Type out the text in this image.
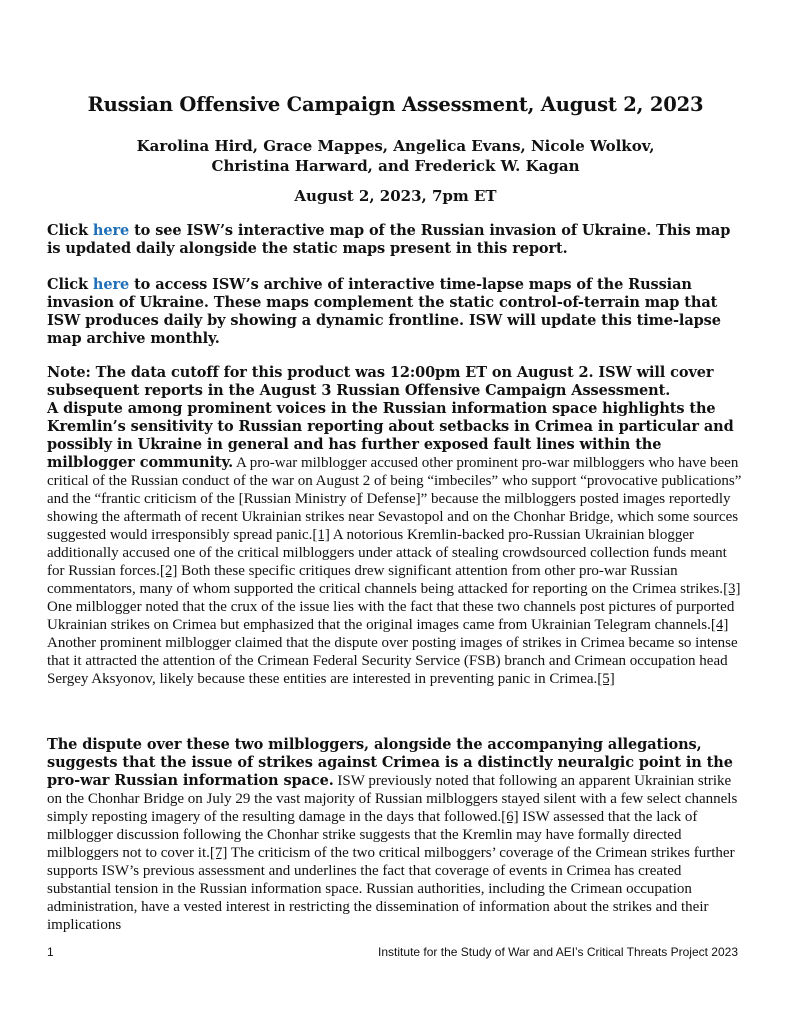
Russian Offensive Campaign Assessment, August 2, 2023
Karolina Hird, Grace Mappes, Angelica Evans, Nicole Wolkov,
Christina Harward, and Frederick W. Kagan
August 2, 2023, 7pm ET
Click here to see ISW’s interactive map of the Russian invasion of Ukraine. This map is updated daily alongside the static maps present in this report.
Click here to access ISW’s archive of interactive time-lapse maps of the Russian invasion of Ukraine. These maps complement the static control-of-terrain map that ISW produces daily by showing a dynamic frontline. ISW will update this time-lapse map archive monthly.
Note: The data cutoff for this product was 12:00pm ET on August 2. ISW will cover subsequent reports in the August 3 Russian Offensive Campaign Assessment.
A dispute among prominent voices in the Russian information space highlights the Kremlin’s sensitivity to Russian reporting about setbacks in Crimea in particular and possibly in Ukraine in general and has further exposed fault lines within the milblogger community. A pro-war milblogger accused other prominent pro-war milbloggers who have been critical of the Russian conduct of the war on August 2 of being “imbeciles” who support “provocative publications” and the “frantic criticism of the [Russian Ministry of Defense]” because the milbloggers posted images reportedly showing the aftermath of recent Ukrainian strikes near Sevastopol and on the Chonhar Bridge, which some sources suggested would irresponsibly spread panic.[1] A notorious Kremlin-backed pro-Russian Ukrainian blogger additionally accused one of the critical milbloggers under attack of stealing crowdsourced collection funds meant for Russian forces.[2] Both these specific critiques drew significant attention from other pro-war Russian commentators, many of whom supported the critical channels being attacked for reporting on the Crimea strikes.[3] One milblogger noted that the crux of the issue lies with the fact that these two channels post pictures of purported Ukrainian strikes on Crimea but emphasized that the original images came from Ukrainian Telegram channels.[4] Another prominent milblogger claimed that the dispute over posting images of strikes in Crimea became so intense that it attracted the attention of the Crimean Federal Security Service (FSB) branch and Crimean occupation head Sergey Aksyonov, likely because these entities are interested in preventing panic in Crimea.[5]
The dispute over these two milbloggers, alongside the accompanying allegations, suggests that the issue of strikes against Crimea is a distinctly neuralgic point in the pro-war Russian information space. ISW previously noted that following an apparent Ukrainian strike on the Chonhar Bridge on July 29 the vast majority of Russian milbloggers stayed silent with a few select channels simply reposting imagery of the resulting damage in the days that followed.[6] ISW assessed that the lack of milblogger discussion following the Chonhar strike suggests that the Kremlin may have formally directed milbloggers not to cover it.[7] The criticism of the two critical milboggers’ coverage of the Crimean strikes further supports ISW’s previous assessment and underlines the fact that coverage of events in Crimea has created substantial tension in the Russian information space. Russian authorities, including the Crimean occupation administration, have a vested interest in restricting the dissemination of information about the strikes and their implications
1	Institute for the Study of War and AEI’s Critical Threats Project 2023
